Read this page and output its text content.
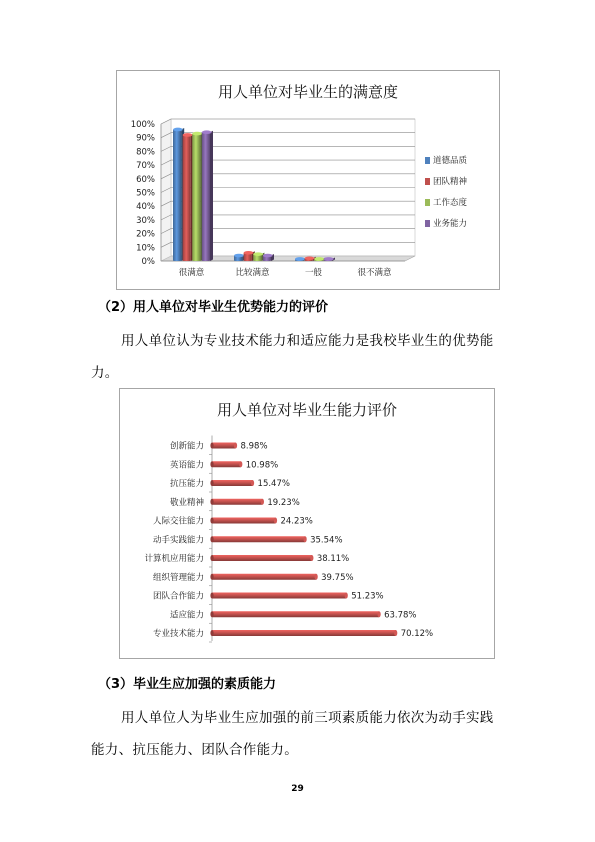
用人单位对毕业生的满意度
0%
10%
20%
30%
40%
50%
60%
70%
80%
90%
100%
很满意	比较满意	一般	很不满意
道德品质
团队精神
工作态度
业务能力
（2）用人单位对毕业生优势能力的评价
用人单位认为专业技术能力和适应能力是我校毕业生的优势能
力。
用人单位对毕业生能力评价
创新能力	8.98%
英语能力	10.98%
抗压能力	15.47%
敬业精神	19.23%
人际交往能力	24.23%
动手实践能力	35.54%
计算机应用能力	38.11%
组织管理能力	39.75%
团队合作能力	51.23%
适应能力	63.78%
专业技术能力	70.12%
（3）毕业生应加强的素质能力
用人单位人为毕业生应加强的前三项素质能力依次为动手实践
能力、抗压能力、团队合作能力。
29
